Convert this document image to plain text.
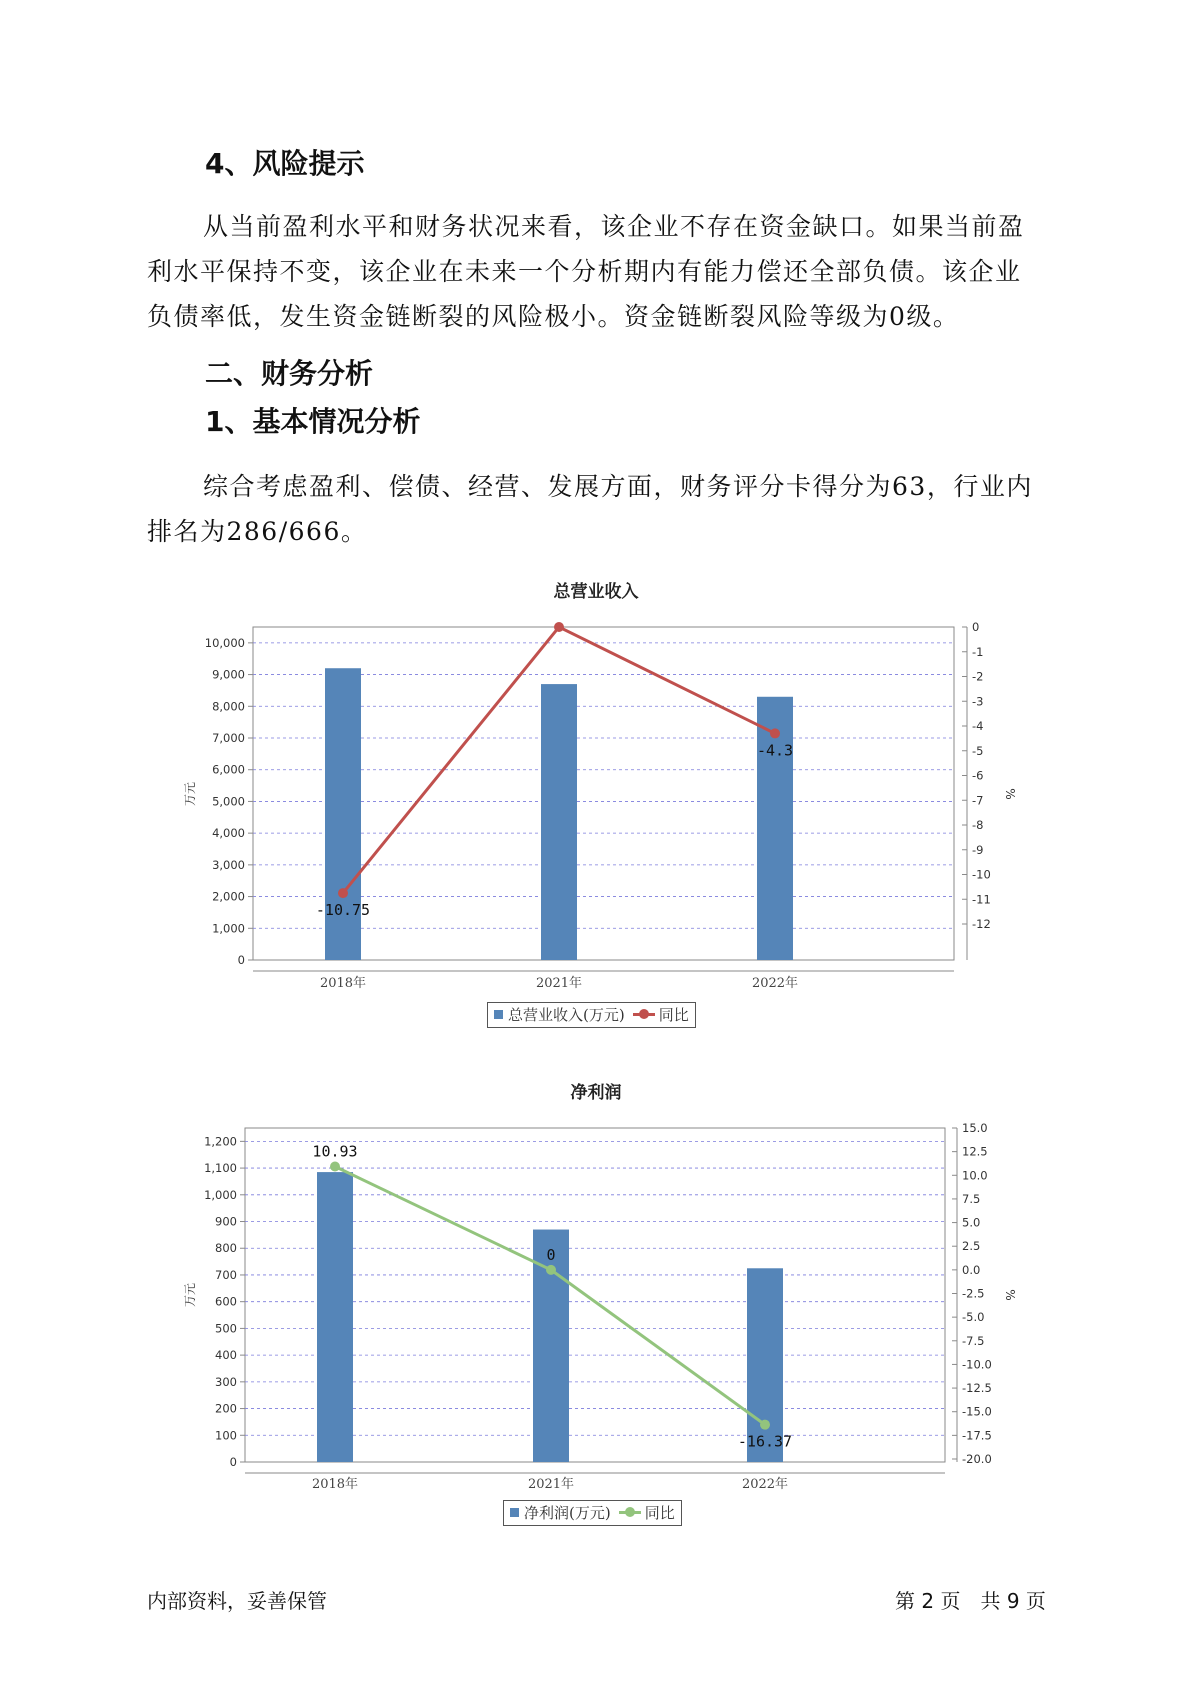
4、风险提示

从当前盈利水平和财务状况来看，该企业不存在资金缺口。如果当前盈利水平保持不变，该企业在未来一个分析期内有能力偿还全部负债。该企业负债率低，发生资金链断裂的风险极小。资金链断裂风险等级为0级。

二、财务分析
1、基本情况分析

综合考虑盈利、偿债、经营、发展方面，财务评分卡得分为63，行业内排名为286/666。

总营业收入
0
1,000
2,000
3,000
4,000
5,000
6,000
7,000
8,000
9,000
10,000
0
-1
-2
-3
-4
-5
-6
-7
-8
-9
-10
-11
-12
2018年	2021年	2022年
-10.75
-4.3
万元	%
总营业收入(万元) 同比
净利润
0
100
200
300
400
500
600
700
800
900
1,000
1,100
1,200
15.0
12.5
10.0
7.5
5.0
2.5
0.0
-2.5
-5.0
-7.5
-10.0
-12.5
-15.0
-17.5
-20.0
2018年	2021年	2022年
10.93
0
-16.37
万元	%
净利润(万元) 同比
内部资料，妥善保管	第 2 页　共 9 页
